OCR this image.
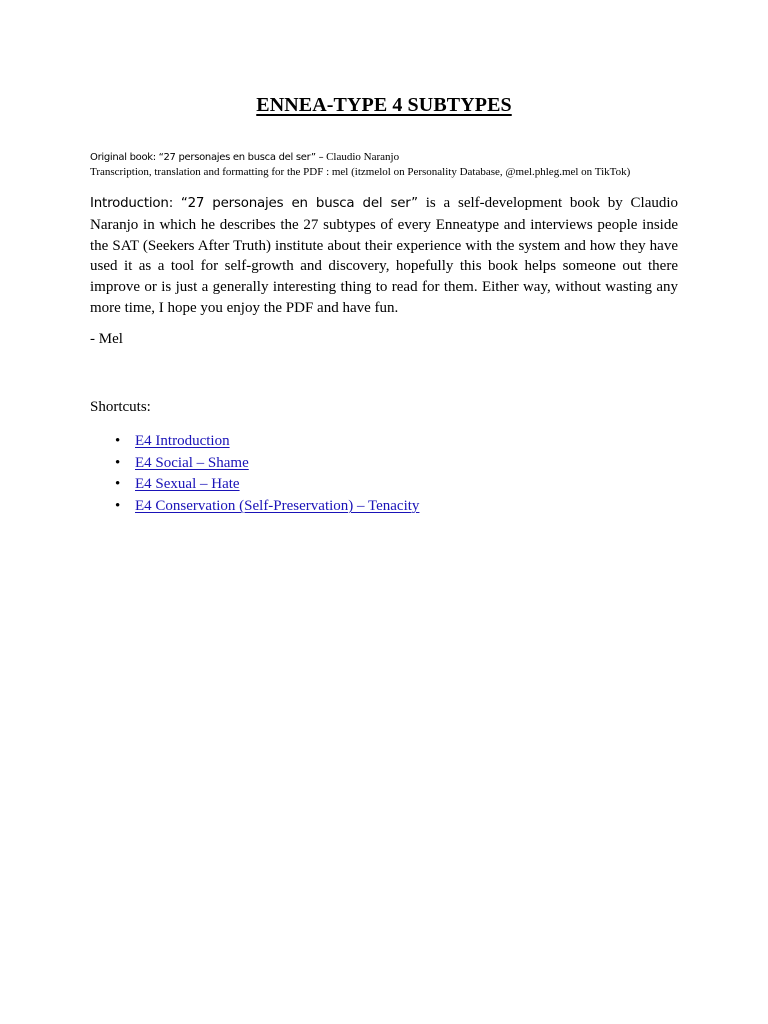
ENNEA-TYPE 4 SUBTYPES
Original book: “27 personajes en busca del ser” – Claudio Naranjo
Transcription, translation and formatting for the PDF : mel (itzmelol on Personality Database, @mel.phleg.mel on TikTok)

Introduction: “27 personajes en busca del ser” is a self-development book by Claudio Naranjo in which he describes the 27 subtypes of every Enneatype and interviews people inside the SAT (Seekers After Truth) institute about their experience with the system and how they have used it as a tool for self-growth and discovery, hopefully this book helps someone out there improve or is just a generally interesting thing to read for them. Either way, without wasting any more time, I hope you enjoy the PDF and have fun.

- Mel
Shortcuts:
• E4 Introduction
• E4 Social – Shame
• E4 Sexual – Hate
• E4 Conservation (Self-Preservation) – Tenacity
